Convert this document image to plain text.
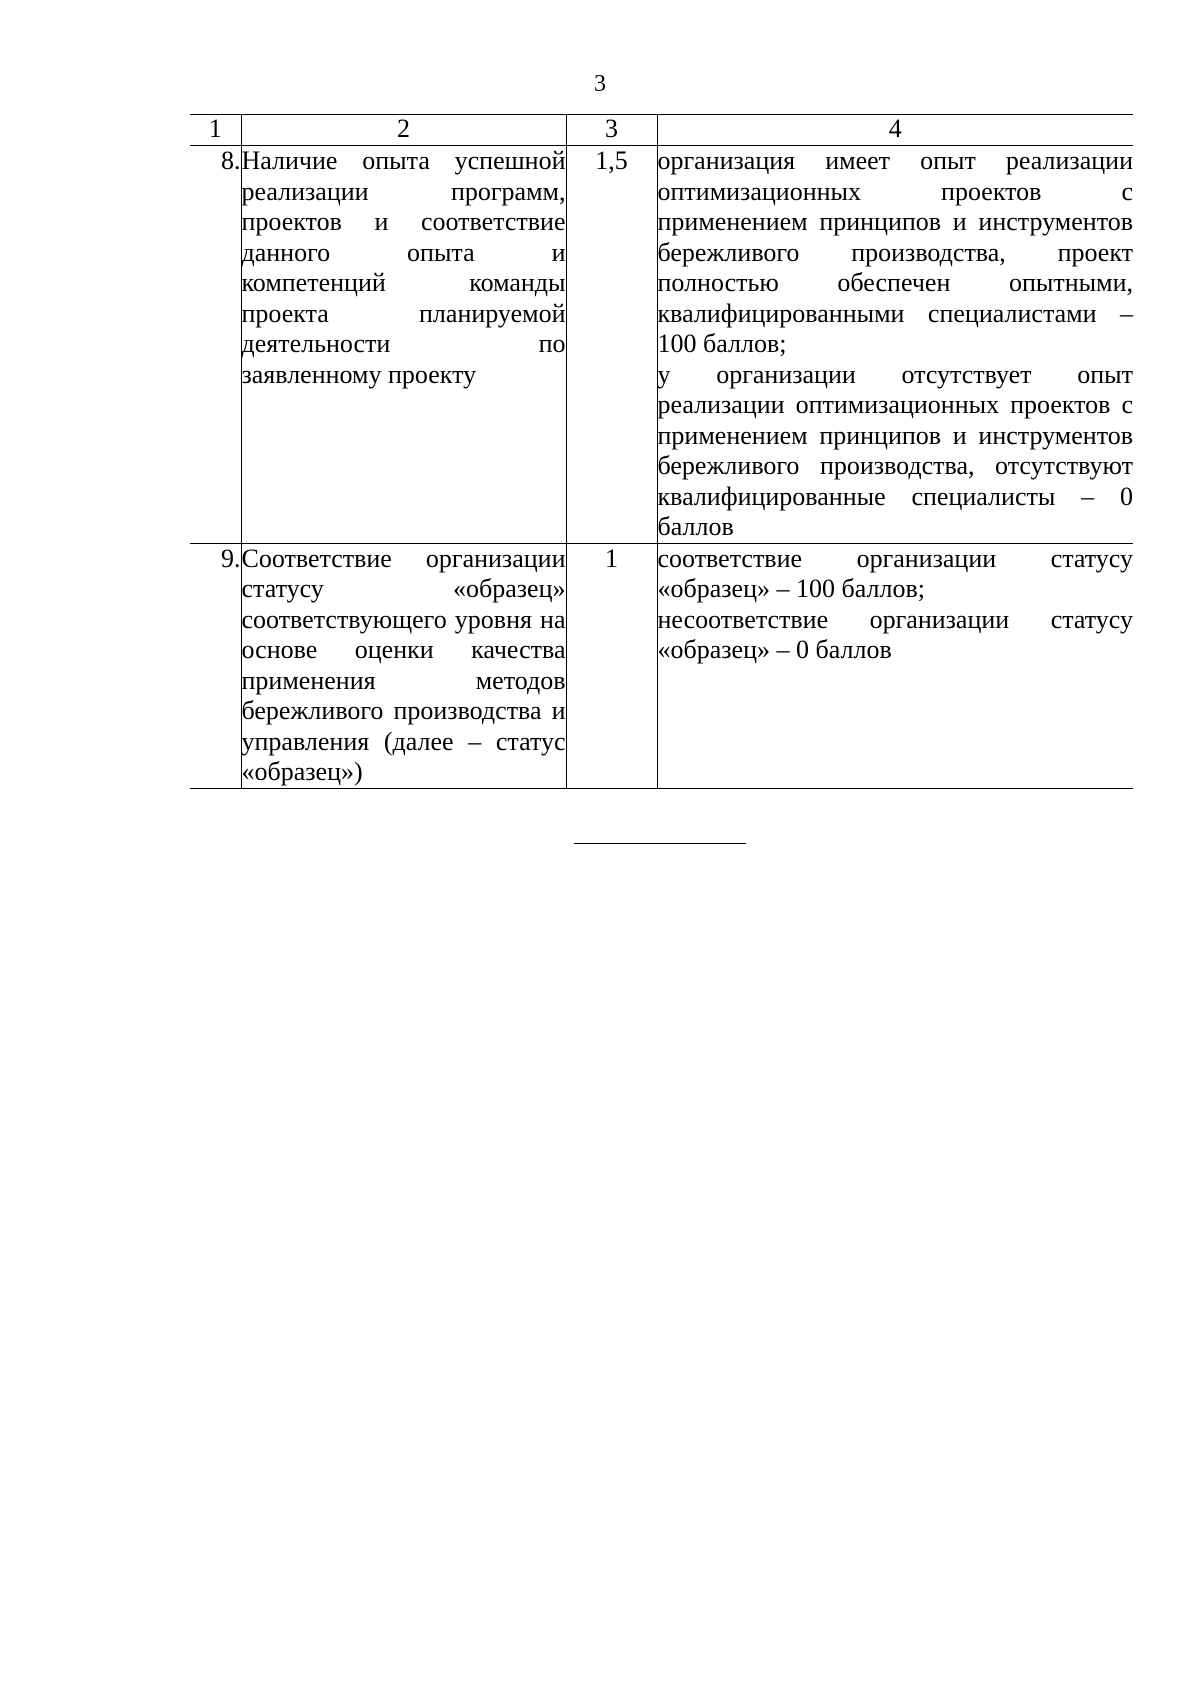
3
1	2	3	4
8.	Наличие опыта успешной реализации программ, проектов и соответствие данного опыта и компетенций команды проекта планируемой деятельности по заявленному проекту	1,5	организация имеет опыт реализации оптимизационных проектов с применением принципов и инструментов бережливого производства, проект полностью обеспечен опытными, квалифицированными специалистами – 100 баллов;
у организации отсутствует опыт реализации оптимизационных проектов с применением принципов и инструментов бережливого производства, отсутствуют квалифицированные специалисты – 0 баллов

9.	Соответствие организации статусу «образец» соответствующего уровня на основе оценки качества применения методов бережливого производства и управления (далее – статус «образец»)	1	соответствие организации статусу «образец» – 100 баллов;
несоответствие организации статусу «образец» – 0 баллов
